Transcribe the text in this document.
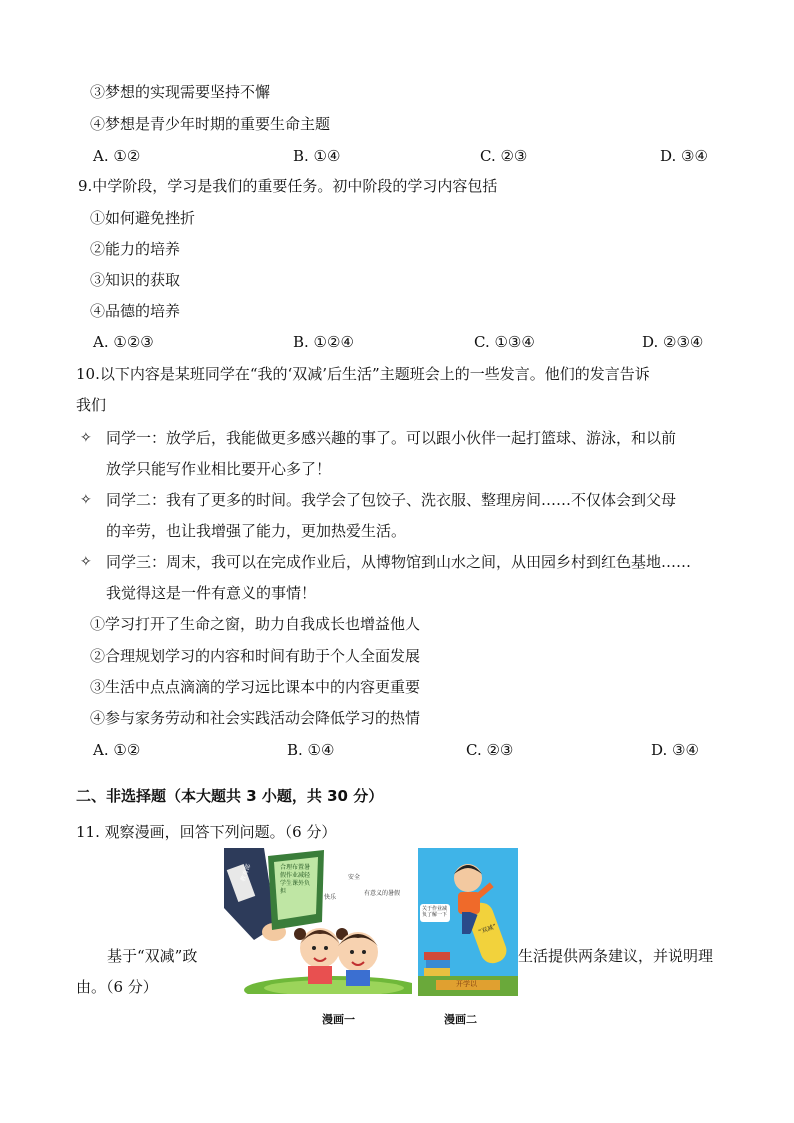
③梦想的实现需要坚持不懈
④梦想是青少年时期的重要生命主题
A. ①②	B. ①④	C. ②③	D. ③④
9.中学阶段，学习是我们的重要任务。初中阶段的学习内容包括
①如何避免挫折
②能力的培养
③知识的获取
④品德的培养
A. ①②③	B. ①②④	C. ①③④	D. ②③④
10.以下内容是某班同学在“我的‘双减’后生活”主题班会上的一些发言。他们的发言告诉
我们
✧ 同学一：放学后，我能做更多感兴趣的事了。可以跟小伙伴一起打篮球、游泳，和以前
放学只能写作业相比要开心多了！
✧ 同学二：我有了更多的时间。我学会了包饺子、洗衣服、整理房间……不仅体会到父母
的辛劳，也让我增强了能力，更加热爱生活。
✧ 同学三：周末，我可以在完成作业后，从博物馆到山水之间，从田园乡村到红色基地……
我觉得这是一件有意义的事情！
①学习打开了生命之窗，助力自我成长也增益他人
②合理规划学习的内容和时间有助于个人全面发展
③生活中点点滴滴的学习远比课本中的内容更重要
④参与家务劳动和社会实践活动会降低学习的热情
A. ①②	B. ①④	C. ②③	D. ③④
二、非选择题（本大题共 3 小题，共 30 分）
11. 观察漫画，回答下列问题。（6 分）
基于“双减”政	生活提供两条建议，并说明理
由。（6 分）
教育部	合理布置暑假作业减轻学生课外负担
安全
快乐
有意义的暑假
漫画一
关于作业减负了解一下
“双减”
开学以
漫画二
